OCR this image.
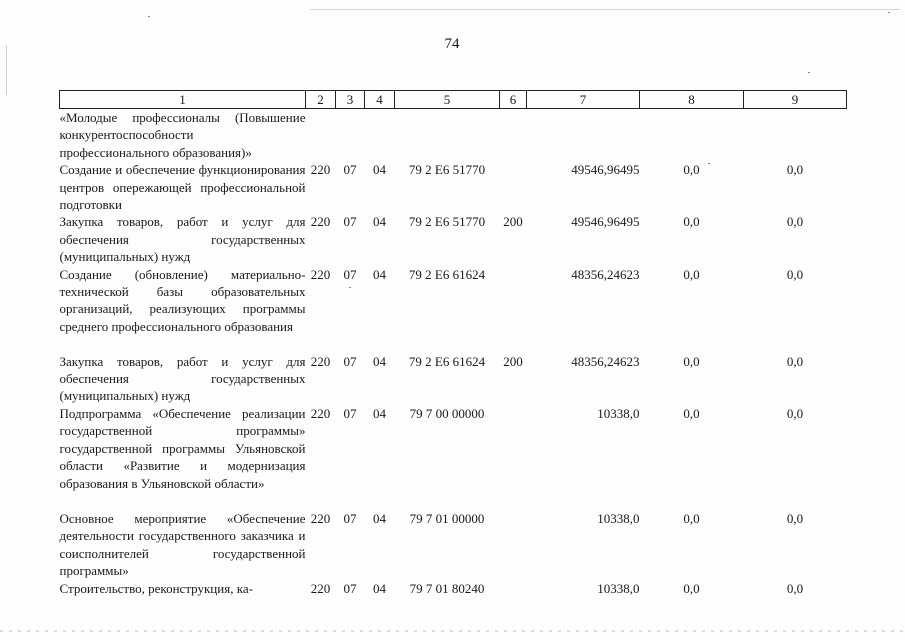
74
1	2	3	4	5	6	7	8	9
«Молодые профессионалы (Повышение конкурентоспособности профессионального образования)»								
Создание и обеспечение функционирования центров опережающей профессиональной подготовки	220	07	04	79 2 E6 51770		49546,96495	0,0	0,0
Закупка товаров, работ и услуг для обеспечения государственных (муниципальных) нужд	220	07	04	79 2 E6 51770	200	49546,96495	0,0	0,0
Создание (обновление) материально-технической базы образовательных организаций, реализующих программы среднего профессионального образования	220	07	04	79 2 E6 61624		48356,24623	0,0	0,0
Закупка товаров, работ и услуг для обеспечения государственных (муниципальных) нужд	220	07	04	79 2 E6 61624	200	48356,24623	0,0	0,0
Подпрограмма «Обеспечение реализации государственной программы» государственной программы Ульяновской области «Развитие и модернизация образования в Ульяновской области»	220	07	04	79 7 00 00000		10338,0	0,0	0,0
Основное мероприятие «Обеспечение деятельности государственного заказчика и соисполнителей государственной программы»	220	07	04	79 7 01 00000		10338,0	0,0	0,0
Строительство, реконструкция, ка-	220	07	04	79 7 01 80240		10338,0	0,0	0,0
